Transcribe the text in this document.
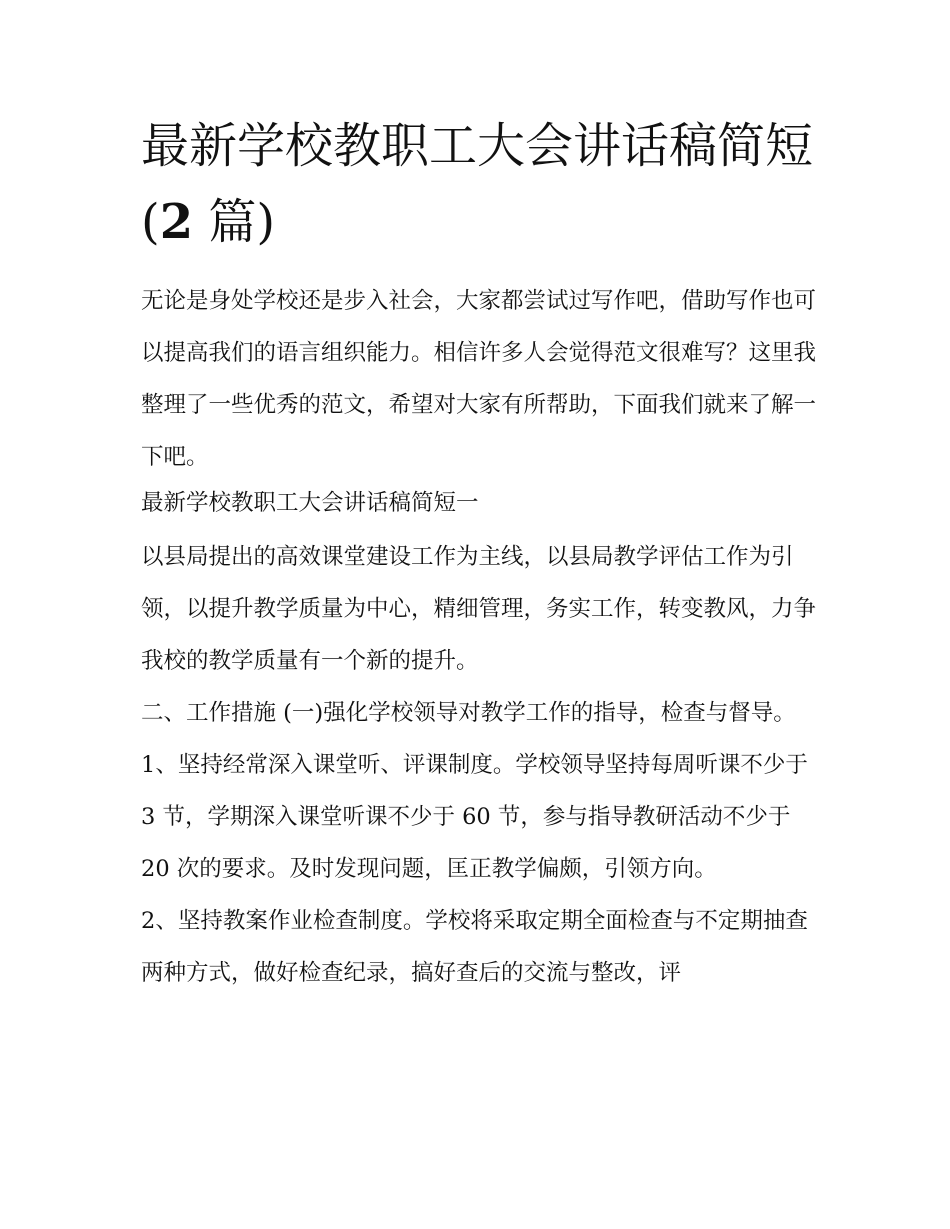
最新学校教职工大会讲话稿简短(2 篇)

无论是身处学校还是步入社会，大家都尝试过写作吧，借助写作也可以提高我们的语言组织能力。相信许多人会觉得范文很难写？这里我整理了一些优秀的范文，希望对大家有所帮助，下面我们就来了解一下吧。

最新学校教职工大会讲话稿简短一

以县局提出的高效课堂建设工作为主线，以县局教学评估工作为引领，以提升教学质量为中心，精细管理，务实工作，转变教风，力争我校的教学质量有一个新的提升。

二、工作措施 (一)强化学校领导对教学工作的指导，检查与督导。

1、坚持经常深入课堂听、评课制度。学校领导坚持每周听课不少于 3 节，学期深入课堂听课不少于 60 节，参与指导教研活动不少于 20 次的要求。及时发现问题，匡正教学偏颇，引领方向。

2、坚持教案作业检查制度。学校将采取定期全面检查与不定期抽查两种方式，做好检查纪录，搞好查后的交流与整改，评
